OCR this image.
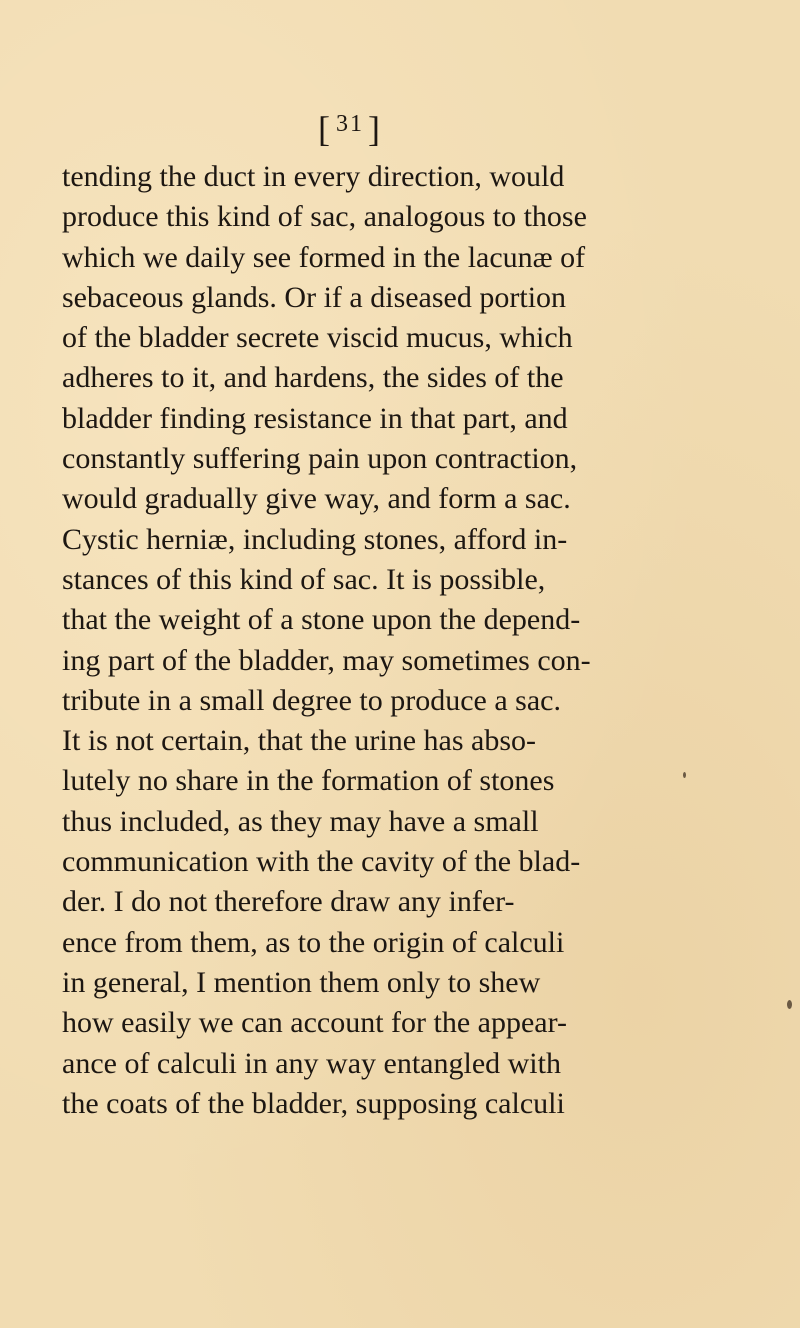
[ $^{31}$ ]
tending the duct in every direction, would
produce this kind of sac, analogous to those
which we daily see formed in the lacunæ of
sebaceous glands. Or if a diseased portion
of the bladder secrete viscid mucus, which
adheres to it, and hardens, the sides of the
bladder finding resistance in that part, and
constantly suffering pain upon contraction,
would gradually give way, and form a sac.
Cystic herniæ, including stones, afford in-
stances of this kind of sac. It is possible,
that the weight of a stone upon the depend-
ing part of the bladder, may sometimes con-
tribute in a small degree to produce a sac.
It is not certain, that the urine has abso-
lutely no share in the formation of stones
thus included, as they may have a small
communication with the cavity of the blad-
der. I do not therefore draw any infer-
ence from them, as to the origin of calculi
in general, I mention them only to shew
how easily we can account for the appear-
ance of calculi in any way entangled with
the coats of the bladder, supposing calculi
